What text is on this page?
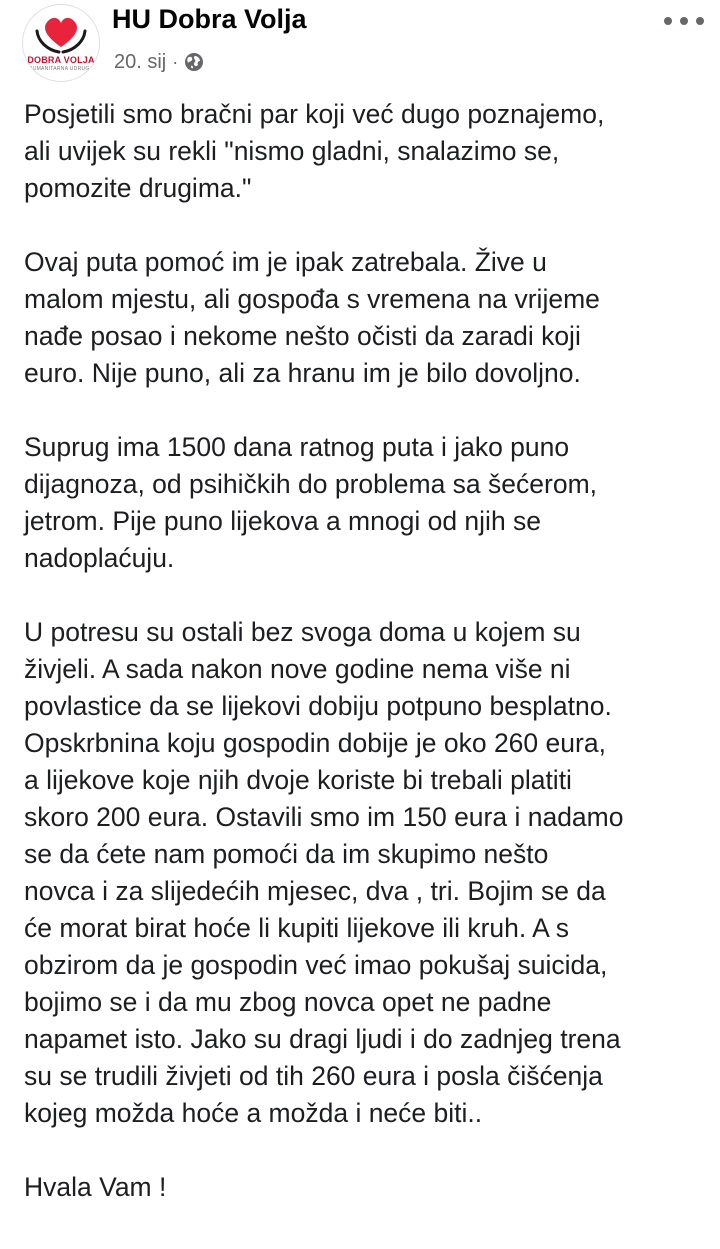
DOBRA VOLJA
HUMANITARNA UDRUGA
HU Dobra Volja
20. sij ·

Posjetili smo bračni par koji već dugo poznajemo,
ali uvijek su rekli "nismo gladni, snalazimo se,
pomozite drugima."

Ovaj puta pomoć im je ipak zatrebala. Žive u
malom mjestu, ali gospođa s vremena na vrijeme
nađe posao i nekome nešto očisti da zaradi koji
euro. Nije puno, ali za hranu im je bilo dovoljno.

Suprug ima 1500 dana ratnog puta i jako puno
dijagnoza, od psihičkih do problema sa šećerom,
jetrom. Pije puno lijekova a mnogi od njih se
nadoplaćuju.

U potresu su ostali bez svoga doma u kojem su
živjeli. A sada nakon nove godine nema više ni
povlastice da se lijekovi dobiju potpuno besplatno.
Opskrbnina koju gospodin dobije je oko 260 eura,
a lijekove koje njih dvoje koriste bi trebali platiti
skoro 200 eura. Ostavili smo im 150 eura i nadamo
se da ćete nam pomoći da im skupimo nešto
novca i za slijedećih mjesec, dva , tri. Bojim se da
će morat birat hoće li kupiti lijekove ili kruh. A s
obzirom da je gospodin već imao pokušaj suicida,
bojimo se i da mu zbog novca opet ne padne
napamet isto. Jako su dragi ljudi i do zadnjeg trena
su se trudili živjeti od tih 260 eura i posla čišćenja
kojeg možda hoće a možda i neće biti..

Hvala Vam !
